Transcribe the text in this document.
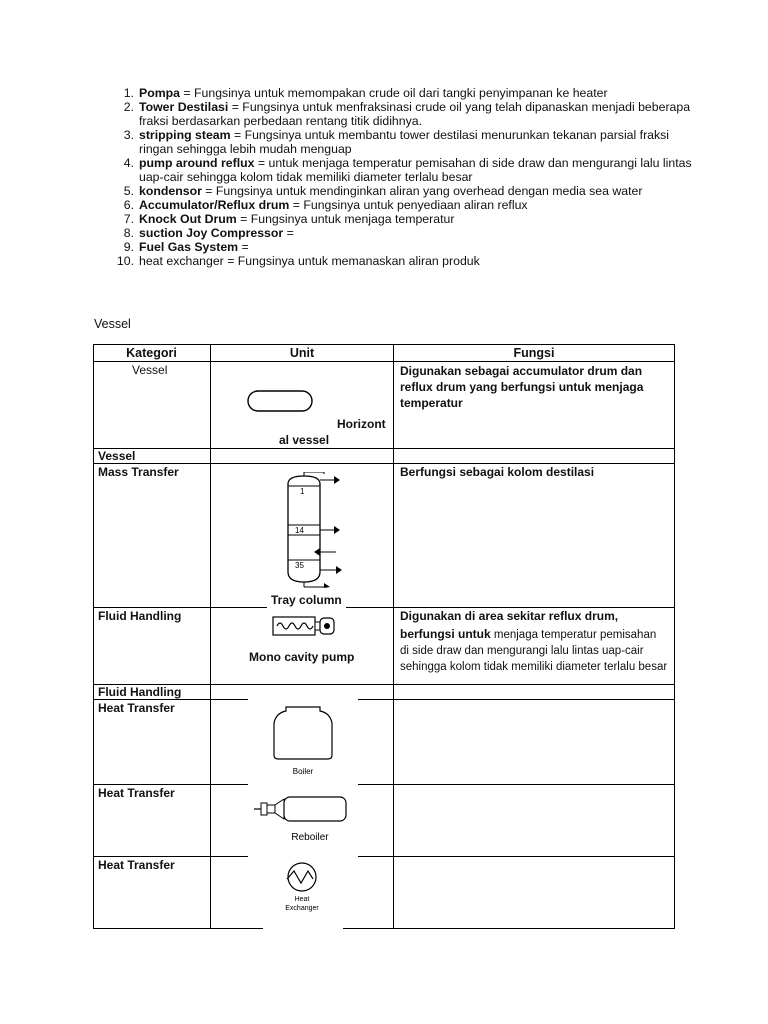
1. Pompa = Fungsinya untuk memompakan crude oil dari tangki penyimpanan ke heater
2. Tower Destilasi = Fungsinya untuk menfraksinasi crude oil yang telah dipanaskan menjadi beberapa fraksi berdasarkan perbedaan rentang titik didihnya.
3. stripping steam = Fungsinya untuk membantu tower destilasi menurunkan tekanan parsial fraksi ringan sehingga lebih mudah menguap
4. pump around reflux = untuk menjaga temperatur pemisahan di side draw dan mengurangi lalu lintas uap-cair sehingga kolom tidak memiliki diameter terlalu besar
5. kondensor = Fungsinya untuk mendinginkan aliran yang overhead dengan media sea water
6. Accumulator/Reflux drum = Fungsinya untuk penyediaan aliran reflux
7. Knock Out Drum = Fungsinya untuk menjaga temperatur
8. suction Joy Compressor =
9. Fuel Gas System =
10. heat exchanger = Fungsinya untuk memanaskan aliran produk
Vessel
Kategori	Unit	Fungsi
Vessel
Horizont
al vessel
Digunakan sebagai accumulator drum dan reflux drum yang berfungsi untuk menjaga temperatur
Vessel
Mass Transfer
1
14
35
Tray column
Berfungsi sebagai kolom destilasi
Fluid Handling
Mono cavity pump
Digunakan di area sekitar reflux drum,
berfungsi untuk menjaga temperatur pemisahan di side draw dan mengurangi lalu lintas uap-cair sehingga kolom tidak memiliki diameter terlalu besar
Fluid Handling
Heat Transfer
Boiler
Heat Transfer
Reboiler
Heat Transfer
Heat
Exchanger
